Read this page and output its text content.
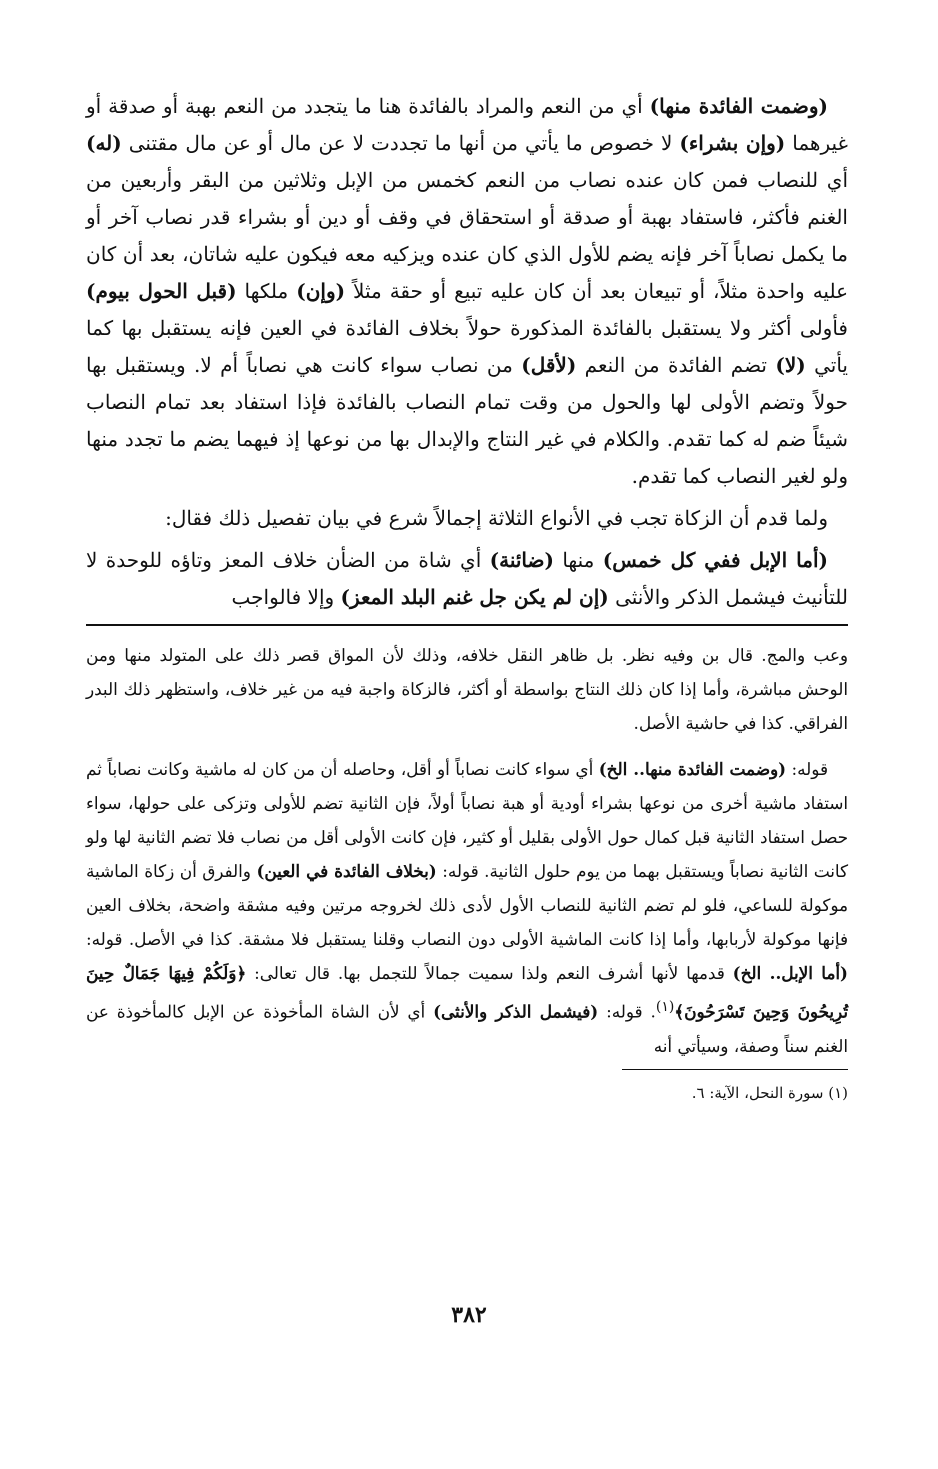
(وضمت الفائدة منها) أي من النعم والمراد بالفائدة هنا ما يتجدد من النعم بهبة أو صدقة أو غيرهما (وإن بشراء) لا خصوص ما يأتي من أنها ما تجددت لا عن مال أو عن مال مقتنى (له) أي للنصاب فمن كان عنده نصاب من النعم كخمس من الإبل وثلاثين من البقر وأربعين من الغنم فأكثر، فاستفاد بهبة أو صدقة أو استحقاق في وقف أو دين أو بشراء قدر نصاب آخر أو ما يكمل نصاباً آخر فإنه يضم للأول الذي كان عنده ويزكيه معه فيكون عليه شاتان، بعد أن كان عليه واحدة مثلاً، أو تبيعان بعد أن كان عليه تبيع أو حقة مثلاً (وإن) ملكها (قبل الحول بيوم) فأولى أكثر ولا يستقبل بالفائدة المذكورة حولاً بخلاف الفائدة في العين فإنه يستقبل بها كما يأتي (لا) تضم الفائدة من النعم (لأقل) من نصاب سواء كانت هي نصاباً أم لا. ويستقبل بها حولاً وتضم الأولى لها والحول من وقت تمام النصاب بالفائدة فإذا استفاد بعد تمام النصاب شيئاً ضم له كما تقدم. والكلام في غير النتاج والإبدال بها من نوعها إذ فيهما يضم ما تجدد منها ولو لغير النصاب كما تقدم.

ولما قدم أن الزكاة تجب في الأنواع الثلاثة إجمالاً شرع في بيان تفصيل ذلك فقال:

(أما الإبل ففي كل خمس) منها (ضائنة) أي شاة من الضأن خلاف المعز وتاؤه للوحدة لا للتأنيث فيشمل الذكر والأنثى (إن لم يكن جل غنم البلد المعز) وإلا فالواجب

وعب والمج. قال بن وفيه نظر. بل ظاهر النقل خلافه، وذلك لأن المواق قصر ذلك على المتولد منها ومن الوحش مباشرة، وأما إذا كان ذلك النتاج بواسطة أو أكثر، فالزكاة واجبة فيه من غير خلاف، واستظهر ذلك البدر الفراقي. كذا في حاشية الأصل.

قوله: (وضمت الفائدة منها.. الخ) أي سواء كانت نصاباً أو أقل، وحاصله أن من كان له ماشية وكانت نصاباً ثم استفاد ماشية أخرى من نوعها بشراء أودية أو هبة نصاباً أولاً، فإن الثانية تضم للأولى وتزكى على حولها، سواء حصل استفاد الثانية قبل كمال حول الأولى بقليل أو كثير، فإن كانت الأولى أقل من نصاب فلا تضم الثانية لها ولو كانت الثانية نصاباً ويستقبل بهما من يوم حلول الثانية. قوله: (بخلاف الفائدة في العين) والفرق أن زكاة الماشية موكولة للساعي، فلو لم تضم الثانية للنصاب الأول لأدى ذلك لخروجه مرتين وفيه مشقة واضحة، بخلاف العين فإنها موكولة لأربابها، وأما إذا كانت الماشية الأولى دون النصاب وقلنا يستقبل فلا مشقة. كذا في الأصل. قوله: (أما الإبل.. الخ) قدمها لأنها أشرف النعم ولذا سميت جمالاً للتجمل بها. قال تعالى: ﴿وَلَكُمْ فِيهَا جَمَالٌ حِينَ تُرِيحُونَ وَحِينَ تَسْرَحُونَ﴾$^{(١)}$. قوله: (فيشمل الذكر والأنثى) أي لأن الشاة المأخوذة عن الإبل كالمأخوذة عن الغنم سناً وصفة، وسيأتي أنه

(١) سورة النحل، الآية: ٦.
٣٨٢
